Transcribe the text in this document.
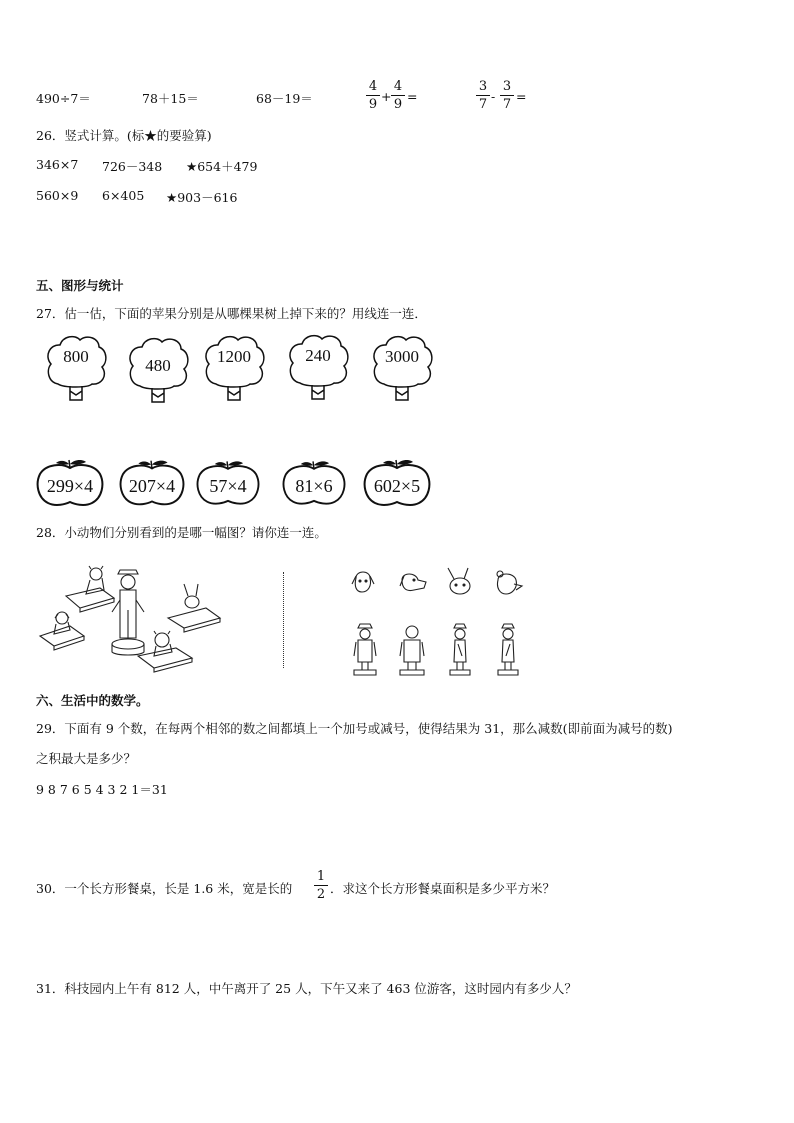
490÷7＝	78＋15＝	68－19＝
4
9
+
4
9
=
3
7
-
3
7
=
26．竖式计算。(标★的要验算)
346×7 726－348 ★654＋479
560×9 6×405 ★903－616
五、图形与统计
27．估一估，下面的苹果分别是从哪棵果树上掉下来的？用线连一连．
800	480	1200	240	3000
299×4	207×4	57×4	81×6	602×5
28．小动物们分别看到的是哪一幅图？请你连一连。
六、生活中的数学。
29．下面有 9 个数，在每两个相邻的数之间都填上一个加号或减号，使得结果为 31，那么减数(即前面为减号的数)
之积最大是多少？
9 8 7 6 5 4 3 2 1＝31
30．一个长方形餐桌，长是 1.6 米，宽是长的
1
2 ．求这个长方形餐桌面积是多少平方米？
31．科技园内上午有 812 人，中午离开了 25 人，下午又来了 463 位游客，这时园内有多少人？
